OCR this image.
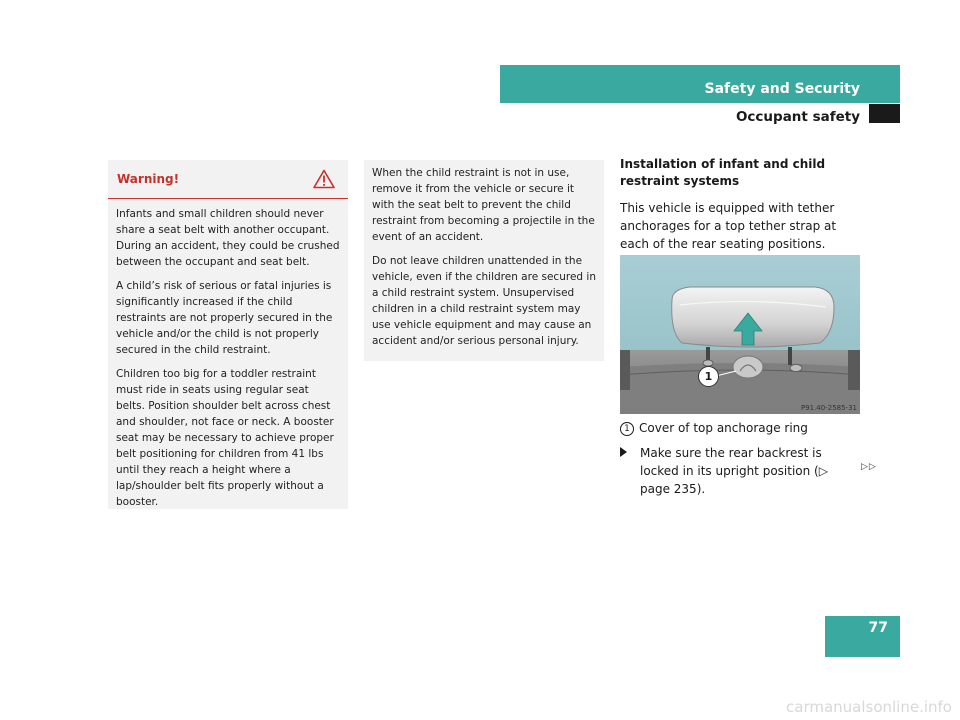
Safety and Security
Occupant safety
Warning!

Infants and small children should never share a seat belt with another occupant. During an accident, they could be crushed between the occupant and seat belt.

A child’s risk of serious or fatal injuries is significantly increased if the child restraints are not properly secured in the vehicle and/or the child is not properly secured in the child restraint.

Children too big for a toddler restraint must ride in seats using regular seat belts. Position shoulder belt across chest and shoulder, not face or neck. A booster seat may be necessary to achieve proper belt positioning for children from 41 lbs until they reach a height where a lap/shoulder belt fits properly without a booster.

When the child restraint is not in use, remove it from the vehicle or secure it with the seat belt to prevent the child restraint from becoming a projectile in the event of an accident.

Do not leave children unattended in the vehicle, even if the children are secured in a child restraint system. Unsupervised children in a child restraint system may use vehicle equipment and may cause an accident and/or serious personal injury.

Installation of infant and child restraint systems

This vehicle is equipped with tether anchorages for a top tether strap at each of the rear seating positions.

1
P91.40-2585-31
1 Cover of top anchorage ring

Make sure the rear backrest is locked in its upright position (▷ page 235).

▷▷
77
carmanualsonline.info
